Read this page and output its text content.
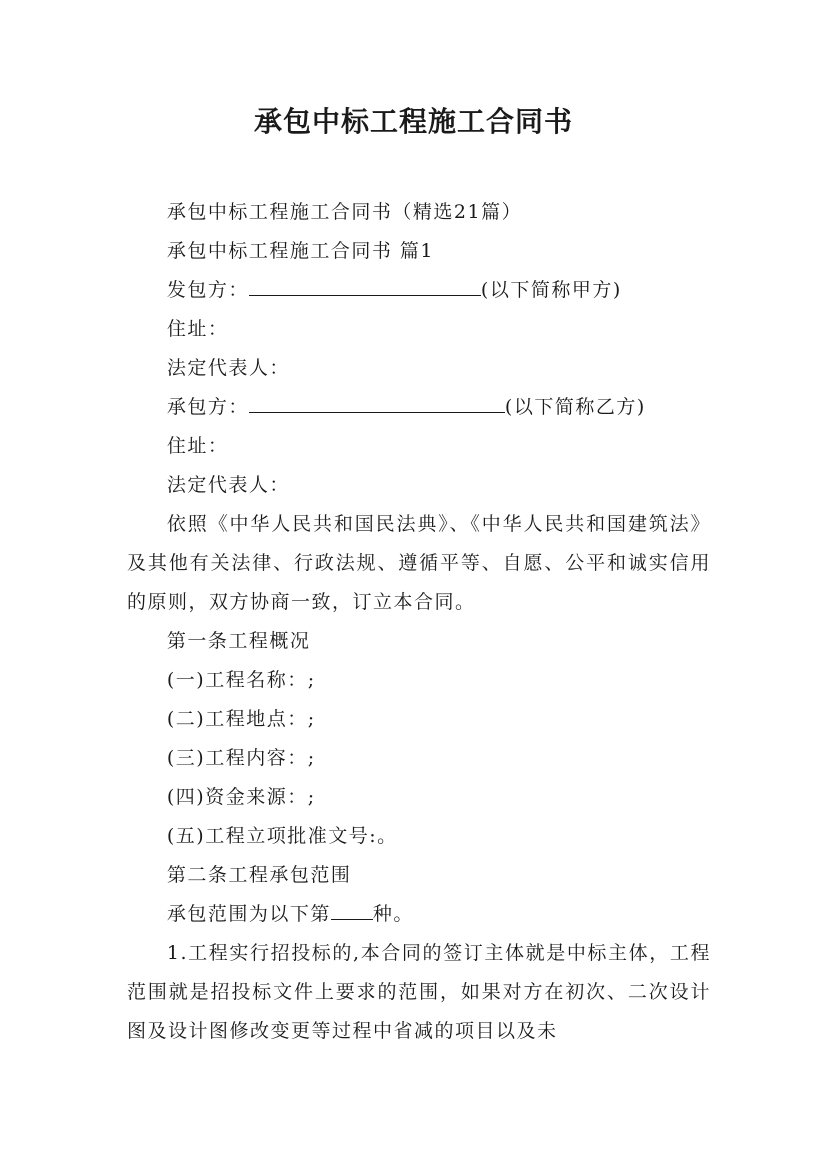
承包中标工程施工合同书

承包中标工程施工合同书（精选21篇）

承包中标工程施工合同书 篇1

发包方：	(以下简称甲方)

住址：

法定代表人：

承包方：	(以下简称乙方)

住址：

法定代表人：

依照《中华人民共和国民法典》、《中华人民共和国建筑法》及其他有关法律、行政法规、遵循平等、自愿、公平和诚实信用的原则，双方协商一致，订立本合同。

第一条工程概况

(一)工程名称：;

(二)工程地点：;

(三)工程内容：;

(四)资金来源：;

(五)工程立项批准文号:。

第二条工程承包范围

承包范围为以下第 种。

1.工程实行招投标的,本合同的签订主体就是中标主体，工程范围就是招投标文件上要求的范围，如果对方在初次、二次设计图及设计图修改变更等过程中省减的项目以及未
